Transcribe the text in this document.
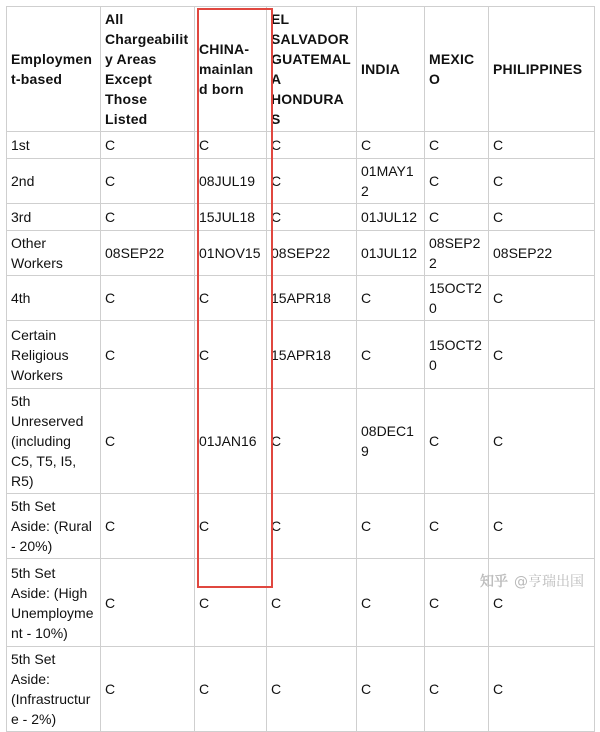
Employment-based	All Chargeability Areas Except Those Listed	CHINA-mainland born	EL SALVADOR GUATEMALA HONDURAS	INDIA	MEXICO	PHILIPPINES
1st	C	C	C	C	C	C
2nd	C	08JUL19	C	01MAY12	C	C
3rd	C	15JUL18	C	01JUL12	C	C
Other Workers	08SEP22	01NOV15	08SEP22	01JUL12	08SEP22	08SEP22
4th	C	C	15APR18	C	15OCT20	C
Certain Religious Workers	C	C	15APR18	C	15OCT20	C
5th Unreserved (including C5, T5, I5, R5)	C	01JAN16	C	08DEC19	C	C
5th Set Aside: (Rural - 20%)	C	C	C	C	C	C
5th Set Aside: (High Unemployment - 10%)	C	C	C	C	C	C
5th Set Aside: (Infrastructure - 2%)	C	C	C	C	C	C
知乎 @亨瑞出国
